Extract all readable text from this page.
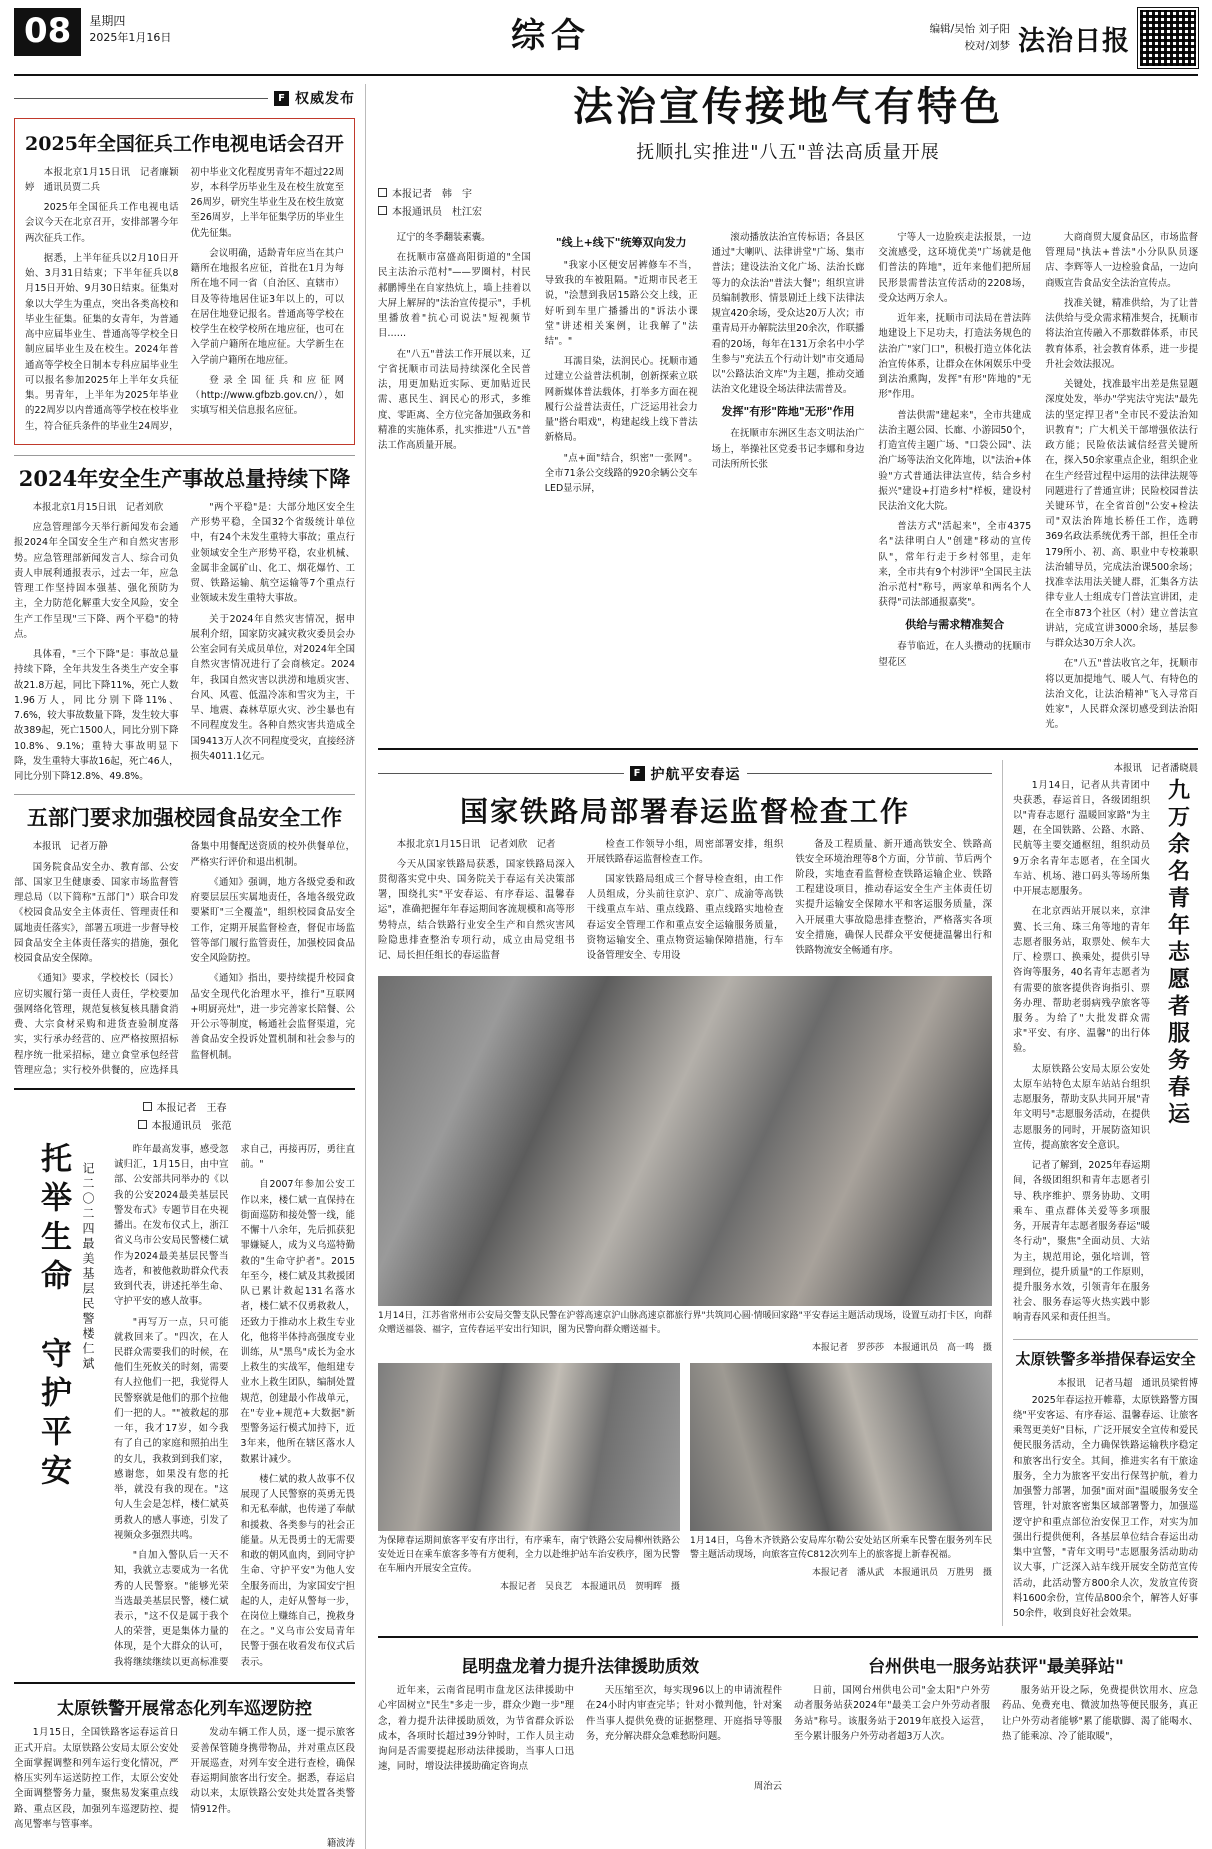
08	星期四
2025年1月16日	综合	编辑/吴怡 刘子阳
校对/刘梦 法治日报
F 权威发布
2025年全国征兵工作电视电话会召开

本报北京1月15日讯　记者廉颖婷　通讯员贾二兵

2025年全国征兵工作电视电话会议今天在北京召开，安排部署今年两次征兵工作。

据悉，上半年征兵以2月10日开始、3月31日结束；下半年征兵以8月15日开始、9月30日结束。征集对象以大学生为重点，突出各类高校和毕业生征集。征集的女青年，为普通高中应届毕业生、普通高等学校全日制应届毕业生及在校生。2024年普通高等学校全日制本专科应届毕业生可以报名参加2025年上半年女兵征集。男青年，上半年为2025年毕业的22周岁以内普通高等学校在校毕业生，符合征兵条件的毕业生24周岁，初中毕业文化程度男青年不超过22周岁，本科学历毕业生及在校生放宽至26周岁，研究生毕业生及在校生放宽至26周岁，上半年征集学历的毕业生优先征集。

会议明确，适龄青年应当在其户籍所在地报名应征，首批在1月为每所在地不同一省（自治区、直辖市）目及等待地居住证3年以上的，可以在居住地登记报名。普通高等学校在校学生在校学校所在地应征，也可在入学前户籍所在地应征。大学新生在入学前户籍所在地应征。

登录全国征兵和应征网（http://www.gfbzb.gov.cn/），如实填写相关信息报名应征。

2024年安全生产事故总量持续下降

本报北京1月15日讯　记者刘欣

应急管理部今天举行新闻发布会通报2024年全国安全生产和自然灾害形势。应急管理部新闻发言人、综合司负责人申展利通报表示，过去一年，应急管理工作坚持固本强基、强化预防为主，全力防范化解重大安全风险，安全生产工作呈现"三下降、两个平稳"的特点。

具体看，"三个下降"是：事故总量持续下降，全年共发生各类生产安全事故21.8万起，同比下降11%，死亡人数1.96万人，同比分别下降11%、7.6%，较大事故数量下降，发生较大事故389起，死亡1500人，同比分别下降10.8%、9.1%；重特大事故明显下降，发生重特大事故16起，死亡46人，同比分别下降12.8%、49.8%。

"两个平稳"是：大部分地区安全生产形势平稳，全国32个省级统计单位中，有24个未发生重特大事故；重点行业领域安全生产形势平稳，农业机械、金属非金属矿山、化工、烟花爆竹、工贸、铁路运输、航空运输等7个重点行业领域未发生重特大事故。

关于2024年自然灾害情况，据申展利介绍，国家防灾减灾救灾委员会办公室会同有关成员单位，对2024年全国自然灾害情况进行了会商核定。2024年，我国自然灾害以洪涝和地质灾害、台风、风雹、低温冷冻和雪灾为主，干旱、地震、森林草原火灾、沙尘暴也有不同程度发生。各种自然灾害共造成全国9413万人次不同程度受灾，直接经济损失4011.1亿元。

五部门要求加强校园食品安全工作

本报讯　记者万静

国务院食品安全办、教育部、公安部、国家卫生健康委、国家市场监督管理总局（以下简称"五部门"）联合印发《校园食品安全主体责任、管理责任和属地责任落实》，部署五项进一步督导校园食品安全主体责任落实的措施，强化校园食品安全保障。

《通知》要求，学校校长（园长）应切实履行第一责任人责任，学校要加强网络化管理，规范复核复核具膳食消费、大宗食材采购和进货查验制度落实，实行承办经营的、应严格按照招标程序统一批采招标，建立食堂承包经营管理应急；实行校外供餐的，应选择具备集中用餐配送资质的校外供餐单位，严格实行评价和退出机制。

《通知》强调，地方各级党委和政府要层层压实属地责任，各地各级党政要紧盯"三全覆盖"，组织校园食品安全工作，定期开展监督检查，督促市场监管等部门履行监管责任，加强校园食品安全风险防控。

《通知》指出，要持续提升校园食品安全现代化治理水平，推行"互联网+明厨亮灶"，进一步完善家长陪餐、公开公示等制度，畅通社会监督渠道，完善食品安全投诉处置机制和社会参与的监督机制。

本报记者　王春
本报通讯员　张范
托举生命　守护平安 记二〇二四最美基层民警楼仁斌

昨年最高发事，感受忽诚归汇，1月15日，由中宣部、公安部共同举办的《以我的公安2024最美基层民警发布式》专题节目在央视播出。在发布仪式上，浙江省义乌市公安局民警楼仁斌作为2024最美基层民警当选者，和被他救助群众代表致到代表，讲述托举生命、守护平安的感人故事。

"再写万一点，只可能就救回来了。"四次，在人民群众需要我们的时候，在他们生死攸关的时刻，需要有人拉他们一把，我觉得人民警察就是他们的那个拉他们一把的人。""被救起的那一年，我才17岁，如今我有了自己的家庭和照拍出生的女儿，我救到到我们家，感谢您，如果没有您的托举，就没有我的现在。"这句人生会是怎样，楼仁斌英勇救人的感人事迹，引发了视频众多强烈共鸣。

"自加入警队后一天不知，我就立志要成为一名优秀的人民警察。"能够光荣当选最美基层民警，楼仁斌表示，"这不仅是属于我个人的荣誉，更是集体力量的体现，是个大群众的认可，我将继续继续以更高标准要求自己，再接再厉，勇往直前。"

自2007年参加公安工作以来，楼仁斌一直保持在街面巡防和接处警一线，能不懈十八余年，先后抓获犯罪嫌疑人，成为义乌巡特勤救的"生命守护者"。2015年至今，楼仁斌及其救援团队已累计救起131名落水者，楼仁斌不仅勇救救人，还致力于推动水上救生专业化，他将半体持高强度专业训练，从"黑鸟"成长为金水上救生的实战军，他组建专业水上救生团队，编制处置规范，创建最小作战单元，在"专业+规范+大数据"新型警务运行模式加持下，近3年来，他所在辖区落水人数累计减少。

楼仁斌的救人故事不仅展现了人民警察的英勇无畏和无私奉献，也传递了奉献和援救、各类参与的社会正能量。从无畏勇士的无需要和敢的朝风血肉，到同守护生命、守护平安"为他人安全服务而出，为家国安宁担起的人，走好从警每一步，在岗位上赚练自己，挽救身在之。"义乌市公安局青年民警于强在收看发布仪式后表示。

太原铁警开展常态化列车巡逻防控

1月15日，全国铁路客运春运首日正式开启。太原铁路公安局太原公安处全面掌握调整和列车运行变化情况，严格压实列车运送防控工作，太原公安处全面调整警务力量，聚焦易发案重点线路、重点区段，加强列车巡逻防控、提高见警率与管事率。

发动车辆工作人员，逐一提示旅客妥善保管随身携带物品，并对重点区段开展巡查，对列车安全进行查检，确保春运期间旅客出行安全。据悉，春运启动以来，太原铁路公安处共处置各类警情912件。

籍波涛
法治宣传接地气有特色
抚顺扎实推进"八五"普法高质量开展
本报记者　韩　宇
本报通讯员　杜江宏

辽宁的冬季翻装素囊。

在抚顺市富盛高阳街道的"全国民主法治示范村"——罗圈村，村民郝鹏博坐在自家热炕上，墙上挂着以大屏上解屏的"法治宣传提示"，手机里播放着"抗心司说法"短视频节目……

在"八五"普法工作开展以来，辽宁省抚顺市司法局持续深化全民普法，用更加贴近实际、更加贴近民需、惠民生、润民心的形式，多维度、零距离、全方位完备加强政务和精准的实施体系，扎实推进"八五"普法工作高质量开展。

"线上+线下"统筹双向发力

"我家小区便安居裤修车不当，导致我的车被阻隔。"近期市民老王说，"浍慧到我居15路公交上线，正好听到车里广播播出的"诉法小课堂"讲述相关案例，让我解了"法结"。"

耳濡目染，法润民心。抚顺市通过建立公益普法机制，创新探索立联网新媒体普法载体，打举多方面在视履行公益普法责任，广泛运用社会力量"搭台唱戏"，构建起线上线下普法新格局。

"点+面"结合，织密"一张网"。全市71条公交线路的920余辆公交车LED显示屏，

滚动播放法治宣传标语；各县区通过"大喇叭、法律讲堂"广场、集市普法；建设法治文化广场、法治长廊等力的众法治"普法大餐"；组织宣讲员编制教形、情景剧迁上线下法律法规宣420余场，受众达20万人次；市重青局开办解院法里20余次，作联播看的20场，每年在131万余名中小学生参与"充法五个行动计划"市交通局以"公路法治文库"为主题，推动交通法治文化建设全场法律法需普及。

发挥"有形"阵地"无形"作用

在抚顺市东洲区生态文明法治广场上，举操社区党委书记李娜和身边司法所所长张

宁等人一边脸疾走法报景，一边交流感受，这环境优美"广场就是他们普法的阵地"，近年来他们把所屈民形景需普法宣传活动的2208场，受众达两万余人。

近年来，抚顺市司法局在普法阵地建设上下足功夫，打造法务规色的法治广"家门口"，积极打造立体化法治宣传体系，让群众在休闲娱乐中受到法治熏陶，发挥"有形"阵地的"无形"作用。

普法供需"建起来"，全市共建成法治主题公园、长廊、小游园50个，打造宣传主题广场、"口袋公园"、法治广场等法治文化阵地，以"法治+体验"方式普通法律法宣传，结合乡村振兴"建设+打造乡村"样板，建设村民法治文化大院。

普法方式"活起来"，全市4375名"法律明白人"创建"移动的宣传队"，常年行走于乡村邻里，走年来，全市共有9个村涉评"全国民主法治示范村"称号，两家单和两名个人获得"司法部通报嘉奖"。

供给与需求精准契合

春节临近，在人头攒动的抚顺市望花区

大商商贸大厦食品区，市场监督管理局"执法+普法"小分队队员逐店、李辉等人一边检验食品，一边向商贩宣告食品安全法治宣传点。

找准关键，精准供给，为了让普法供给与受众需求精准契合，抚顺市将法治宣传融入不那数群体系，市民教育体系，社会教育体系，进一步提升社会效法报况。

关键处，找准最牢出差是焦显题深度处发，举办"学宪法守宪法"最先法的坚定捍卫者"全市民不爱法治知识教育"；广大机关干部增强依法行政方能；民险依法诚信经营关键所在，探入50余家重点企业，组织企业在生产经营过程中运用的法律法规等同题进行了普通宣讲；民险校园普法关键环节，在全省首创"公安+检法司"双法治阵地长桥任工作，选聘369名政法系统优秀干部，担任全市179所小、初、高、职业中专校兼职法治辅导员，完成法治课500余场；找准幸法用法关键人群，汇集各方法律专业人士组成专门普法宣讲团，走在全市873个社区（村）建立普法宣讲站，完成宣讲3000余场，基层参与群众达30万余人次。

在"八五"普法收官之年，抚顺市将以更加提地气、暖人气、有特色的法治文化，让法治精神"飞入寻常百姓家"，人民群众深切感受到法治阳光。

F 护航平安春运
国家铁路局部署春运监督检查工作

本报北京1月15日讯　记者刘欣　记者

今天从国家铁路局获悉，国家铁路局深入贯彻落实党中央、国务院关于春运有关决策部署，围绕扎实"平安春运、有序春运、温馨春运"，准确把握年年春运期间客流规模和高等形势特点，结合铁路行业安全生产和自然灾害风险隐患排查整治专项行动，成立由局党组书记、局长担任组长的春运监督

检查工作领导小组，周密部署安排，组织开展铁路春运监督检查工作。

国家铁路局组成三个督导检查组，由工作人员组成，分头前往京沪、京广、成渝等高铁干线重点车站、重点线路、重点线路实地检查春运安全管理工作和重点安全运输服务质量，资物运输安全、重点物资运输保障措施，行车设备管理安全、专用设

备及工程质量、新开通高铁安全、铁路高铁安全环境治理等8个方面，分节前、节后两个阶段，实地查看监督检查铁路运输企业、铁路工程建设项目，推动春运安全生产主体责任切实提升运输安全保障水平和客运服务质量，深入开展重大事故隐患排查整治，严格落实各项安全措施，确保人民群众平安便捷温馨出行和铁路物流安全畅通有序。

1月14日，江苏省常州市公安局交警支队民警在沪蓉高速京沪山脉高速京都旅行界"共筑同心圆·情暖回家路"平安春运主题活动现场，设置互动打卡区，向群众赠送福袋、福字，宣传春运平安出行知识，图为民警向群众赠送福卡。
本报记者　罗莎莎　本报通讯员　高一鸣　摄
为保障春运期间旅客平安有序出行，有序乘车，南宁铁路公安局柳州铁路公安处近日在乘车旅客多等有方便利，全力以赴维护站车治安秩序，图为民警在车厢内开展安全宣传。
本报记者　吴良艺　本报通讯员　贺明晖　摄
1月14日，乌鲁木齐铁路公安局库尔勒公安处站区所乘车民警在服务列车民警主题活动现场，向旅客宣传C812次列车上的旅客提上新春祝福。
本报记者　潘从武　本报通讯员　万胜男　摄
本报讯　记者潘晓晨

1月14日，记者从共青团中央获悉，春运首日，各级团组织以"青春志愿行 温暖回家路"为主题，在全国铁路、公路、水路、民航等主要交通枢纽，组织动员9万余名青年志愿者，在全国火车站、机场、港口码头等场所集中开展志愿服务。

在北京西站开展以来，京津冀、长三角、珠三角等地的青年志愿者服务站，取票处、候车大厅、检票口、换乘处，提供引导咨询等服务，40名青年志愿者为有需要的旅客提供咨询指引、票务办理、帮助老弱病残孕旅客等服务。为给了"大批发群众需求"平安、有序、温馨"的出行体验。

太原铁路公安局太原公安处太原车站特色太原车站站台组织志愿服务，帮助支队共同开展"青年文明号"志愿服务活动，在提供志愿服务的同时，开展防盗知识宣传，提高旅客安全意识。

记者了解到，2025年春运期间，各级团组织和青年志愿者引导、秩序维护、票务协助、文明乘车、重点群体关爱等多项服务，开展青年志愿者服务春运"暖冬行动"，聚焦"全面动员、大站为主，规范用论，强化培训，管理到位，提升质量"的工作原则，提升服务水效，引领青年在服务社会、服务春运等火热实践中影响青春风采和责任担当。

九万余名青年志愿者服务春运
太原铁警多举措保春运安全
本报讯　记者马超　通讯员梁哲博

2025年春运拉开帷幕，太原铁路警方围绕"平安客运、有序春运、温馨春运、让旅客乘驾更美好"目标，广泛开展安全宣传和爱民便民服务活动，全力确保铁路运输秩序稳定和旅客出行安全。其间，推进实名有干旅途服务，全力为旅客平安出行保驾护航，着力加强警力部署，加强"面对面"温暖服务安全管理，针对旅客密集区域部署警力，加强巡逻守护和重点部位治安保卫工作，对实为加强出行提供便利，各基层单位结合春运出动集中宣警，"青年文明号"志愿服务活动助动议大事，广泛深入站车线开展安全防范宣传活动，此活动警方800余人次，发放宣传资料1600余份，宣传品800余个，解答人好事50余件，收到良好社会效果。

昆明盘龙着力提升法律援助质效

近年来，云南省昆明市盘龙区法律援助中心牢固树立"民生"多走一步，群众少跑一步"理念，着力提升法律援助质效，为节省群众诉讼成本，各项时长超过39分钟时，工作人员主动询问是否需要提起形动法律援助，当事人口迅速，同时，增设法律援助确定咨询点

天压缩至次，每实现96以上的申请流程件在24小时内审查完毕；针对小微判他，针对案件当事人提供免费的证据整理、开庭指导等服务，充分解决群众急难愁盼问题。

周治云
台州供电一服务站获评"最美驿站"

日前，国网台州供电公司"金太阳"户外劳动者服务站获2024年"最美工会户外劳动者服务站"称号。该服务站于2019年底投入运营，至今累计服务户外劳动者超3万人次。

服务站开设之际，免费提供饮用水、应急药品、免费充电、微波加热等便民服务，真正让户外劳动者能够"累了能歇脚、渴了能喝水、热了能乘凉、冷了能取暖"，
